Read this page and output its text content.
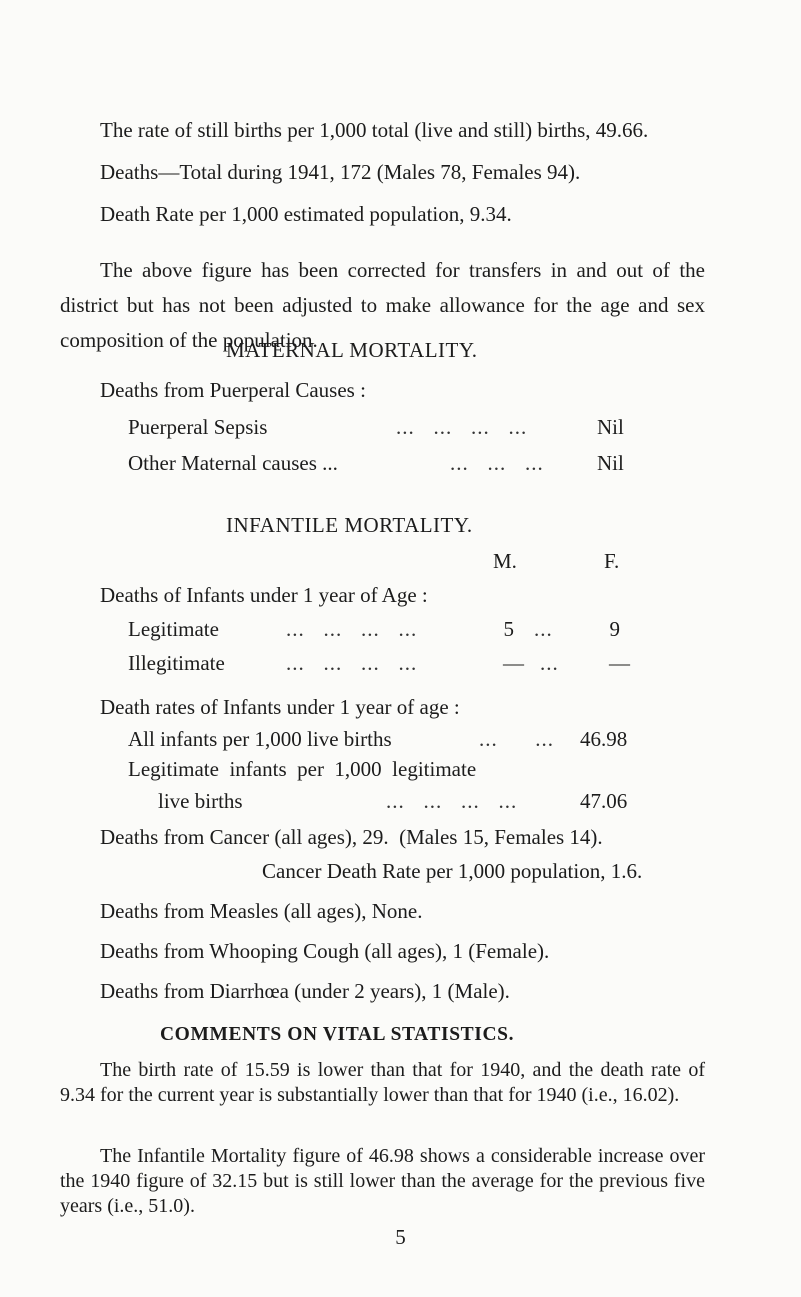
The rate of still births per 1,000 total (live and still) births, 49.66.
Deaths—Total during 1941, 172 (Males 78, Females 94).
Death Rate per 1,000 estimated population, 9.34.
The above figure has been corrected for transfers in and out of the district but has not been adjusted to make allowance for the age and sex composition of the population.
MATERNAL MORTALITY.
Deaths from Puerperal Causes :
Puerperal Sepsis	...   ...   ...   ...	Nil
Other Maternal causes ...	...   ...   ...	Nil
INFANTILE MORTALITY.
M.	F.
Deaths of Infants under 1 year of Age :
Legitimate	...   ...   ...   ...	5 ...	9
Illegitimate	...   ...   ...   ...	— ...	—
Death rates of Infants under 1 year of age :
All infants per 1,000 live births	...      ... 46.98
Legitimate  infants  per  1,000  legitimate
live births	...   ...   ...   ...	47.06
Deaths from Cancer (all ages), 29.  (Males 15, Females 14).
Cancer Death Rate per 1,000 population, 1.6.
Deaths from Measles (all ages), None.
Deaths from Whooping Cough (all ages), 1 (Female).
Deaths from Diarrhœa (under 2 years), 1 (Male).
COMMENTS ON VITAL STATISTICS.
The birth rate of 15.59 is lower than that for 1940, and the death rate of 9.34 for the current year is substantially lower than that for 1940 (i.e., 16.02).
The Infantile Mortality figure of 46.98 shows a considerable increase over the 1940 figure of 32.15 but is still lower than the average for the previous five years (i.e., 51.0).
5
